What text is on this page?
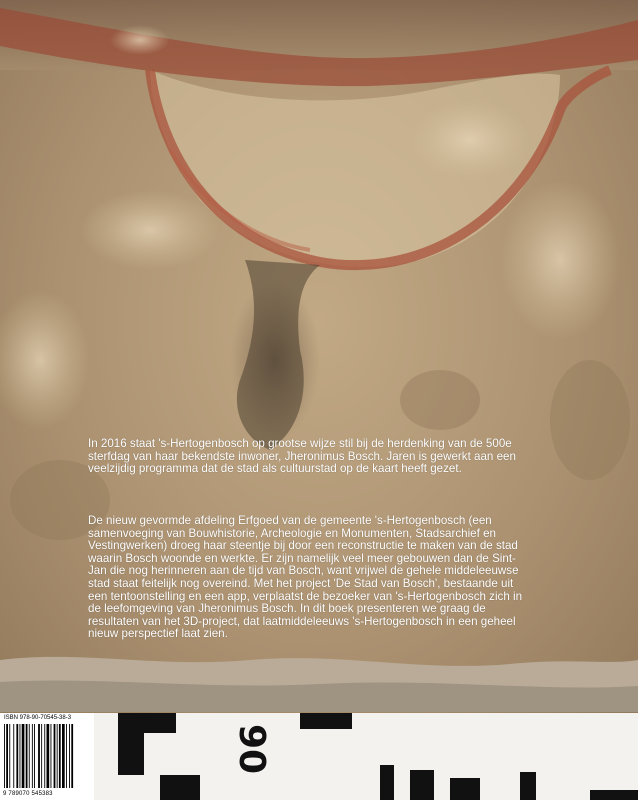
90

In 2016 staat 's-Hertogenbosch op grootse wijze stil bij de herdenking van de 500e sterfdag van haar bekendste inwoner, Jheronimus Bosch. Jaren is gewerkt aan een veelzijdig programma dat de stad als cultuurstad op de kaart heeft gezet.

De nieuw gevormde afdeling Erfgoed van de gemeente 's-Hertogenbosch (een samenvoeging van Bouwhistorie, Archeologie en Monumenten, Stadsarchief en Vestingwerken) droeg haar steentje bij door een reconstructie te maken van de stad waarin Bosch woonde en werkte. Er zijn namelijk veel meer gebouwen dan de Sint-Jan die nog herinneren aan de tijd van Bosch, want vrijwel de gehele middeleeuwse stad staat feitelijk nog overeind. Met het project 'De Stad van Bosch', bestaande uit een tentoonstelling en een app, verplaatst de bezoeker van 's-Hertogenbosch zich in de leefomgeving van Jheronimus Bosch. In dit boek presenteren we graag de resultaten van het 3D-project, dat laatmiddeleeuws 's-Hertogenbosch in een geheel nieuw perspectief laat zien.

ISBN 978-90-70545-38-3
9 789070 545383
